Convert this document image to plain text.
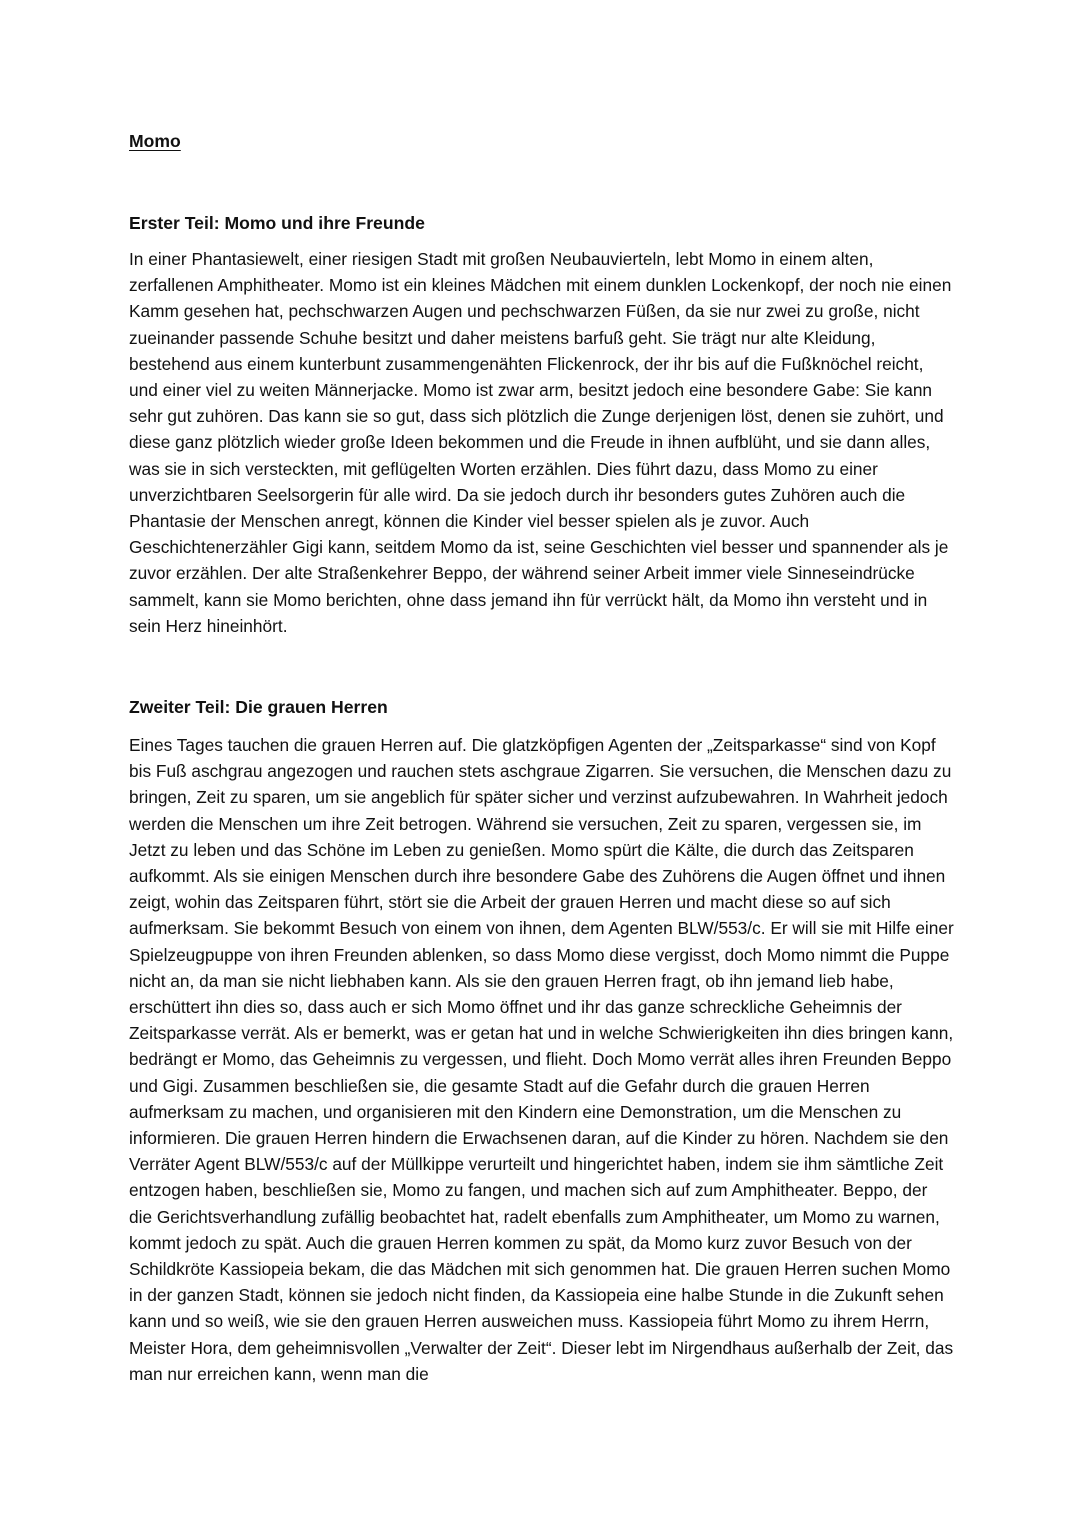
Momo
Erster Teil: Momo und ihre Freunde

In einer Phantasiewelt, einer riesigen Stadt mit großen Neubauvierteln, lebt Momo in einem alten, zerfallenen Amphitheater. Momo ist ein kleines Mädchen mit einem dunklen Lockenkopf, der noch nie einen Kamm gesehen hat, pechschwarzen Augen und pechschwarzen Füßen, da sie nur zwei zu große, nicht zueinander passende Schuhe besitzt und daher meistens barfuß geht. Sie trägt nur alte Kleidung, bestehend aus einem kunterbunt zusammengenähten Flickenrock, der ihr bis auf die Fußknöchel reicht, und einer viel zu weiten Männerjacke. Momo ist zwar arm, besitzt jedoch eine besondere Gabe: Sie kann sehr gut zuhören. Das kann sie so gut, dass sich plötzlich die Zunge derjenigen löst, denen sie zuhört, und diese ganz plötzlich wieder große Ideen bekommen und die Freude in ihnen aufblüht, und sie dann alles, was sie in sich versteckten, mit geflügelten Worten erzählen. Dies führt dazu, dass Momo zu einer unverzichtbaren Seelsorgerin für alle wird. Da sie jedoch durch ihr besonders gutes Zuhören auch die Phantasie der Menschen anregt, können die Kinder viel besser spielen als je zuvor. Auch Geschichtenerzähler Gigi kann, seitdem Momo da ist, seine Geschichten viel besser und spannender als je zuvor erzählen. Der alte Straßenkehrer Beppo, der während seiner Arbeit immer viele Sinneseindrücke sammelt, kann sie Momo berichten, ohne dass jemand ihn für verrückt hält, da Momo ihn versteht und in sein Herz hineinhört.

Zweiter Teil: Die grauen Herren

Eines Tages tauchen die grauen Herren auf. Die glatzköpfigen Agenten der „Zeitsparkasse“ sind von Kopf bis Fuß aschgrau angezogen und rauchen stets aschgraue Zigarren. Sie versuchen, die Menschen dazu zu bringen, Zeit zu sparen, um sie angeblich für später sicher und verzinst aufzubewahren. In Wahrheit jedoch werden die Menschen um ihre Zeit betrogen. Während sie versuchen, Zeit zu sparen, vergessen sie, im Jetzt zu leben und das Schöne im Leben zu genießen. Momo spürt die Kälte, die durch das Zeitsparen aufkommt. Als sie einigen Menschen durch ihre besondere Gabe des Zuhörens die Augen öffnet und ihnen zeigt, wohin das Zeitsparen führt, stört sie die Arbeit der grauen Herren und macht diese so auf sich aufmerksam. Sie bekommt Besuch von einem von ihnen, dem Agenten BLW/553/c. Er will sie mit Hilfe einer Spielzeugpuppe von ihren Freunden ablenken, so dass Momo diese vergisst, doch Momo nimmt die Puppe nicht an, da man sie nicht liebhaben kann. Als sie den grauen Herren fragt, ob ihn jemand lieb habe, erschüttert ihn dies so, dass auch er sich Momo öffnet und ihr das ganze schreckliche Geheimnis der Zeitsparkasse verrät. Als er bemerkt, was er getan hat und in welche Schwierigkeiten ihn dies bringen kann, bedrängt er Momo, das Geheimnis zu vergessen, und flieht. Doch Momo verrät alles ihren Freunden Beppo und Gigi. Zusammen beschließen sie, die gesamte Stadt auf die Gefahr durch die grauen Herren aufmerksam zu machen, und organisieren mit den Kindern eine Demonstration, um die Menschen zu informieren. Die grauen Herren hindern die Erwachsenen daran, auf die Kinder zu hören. Nachdem sie den Verräter Agent BLW/553/c auf der Müllkippe verurteilt und hingerichtet haben, indem sie ihm sämtliche Zeit entzogen haben, beschließen sie, Momo zu fangen, und machen sich auf zum Amphitheater. Beppo, der die Gerichtsverhandlung zufällig beobachtet hat, radelt ebenfalls zum Amphitheater, um Momo zu warnen, kommt jedoch zu spät. Auch die grauen Herren kommen zu spät, da Momo kurz zuvor Besuch von der Schildkröte Kassiopeia bekam, die das Mädchen mit sich genommen hat. Die grauen Herren suchen Momo in der ganzen Stadt, können sie jedoch nicht finden, da Kassiopeia eine halbe Stunde in die Zukunft sehen kann und so weiß, wie sie den grauen Herren ausweichen muss. Kassiopeia führt Momo zu ihrem Herrn, Meister Hora, dem geheimnisvollen „Verwalter der Zeit“. Dieser lebt im Nirgendhaus außerhalb der Zeit, das man nur erreichen kann, wenn man die
